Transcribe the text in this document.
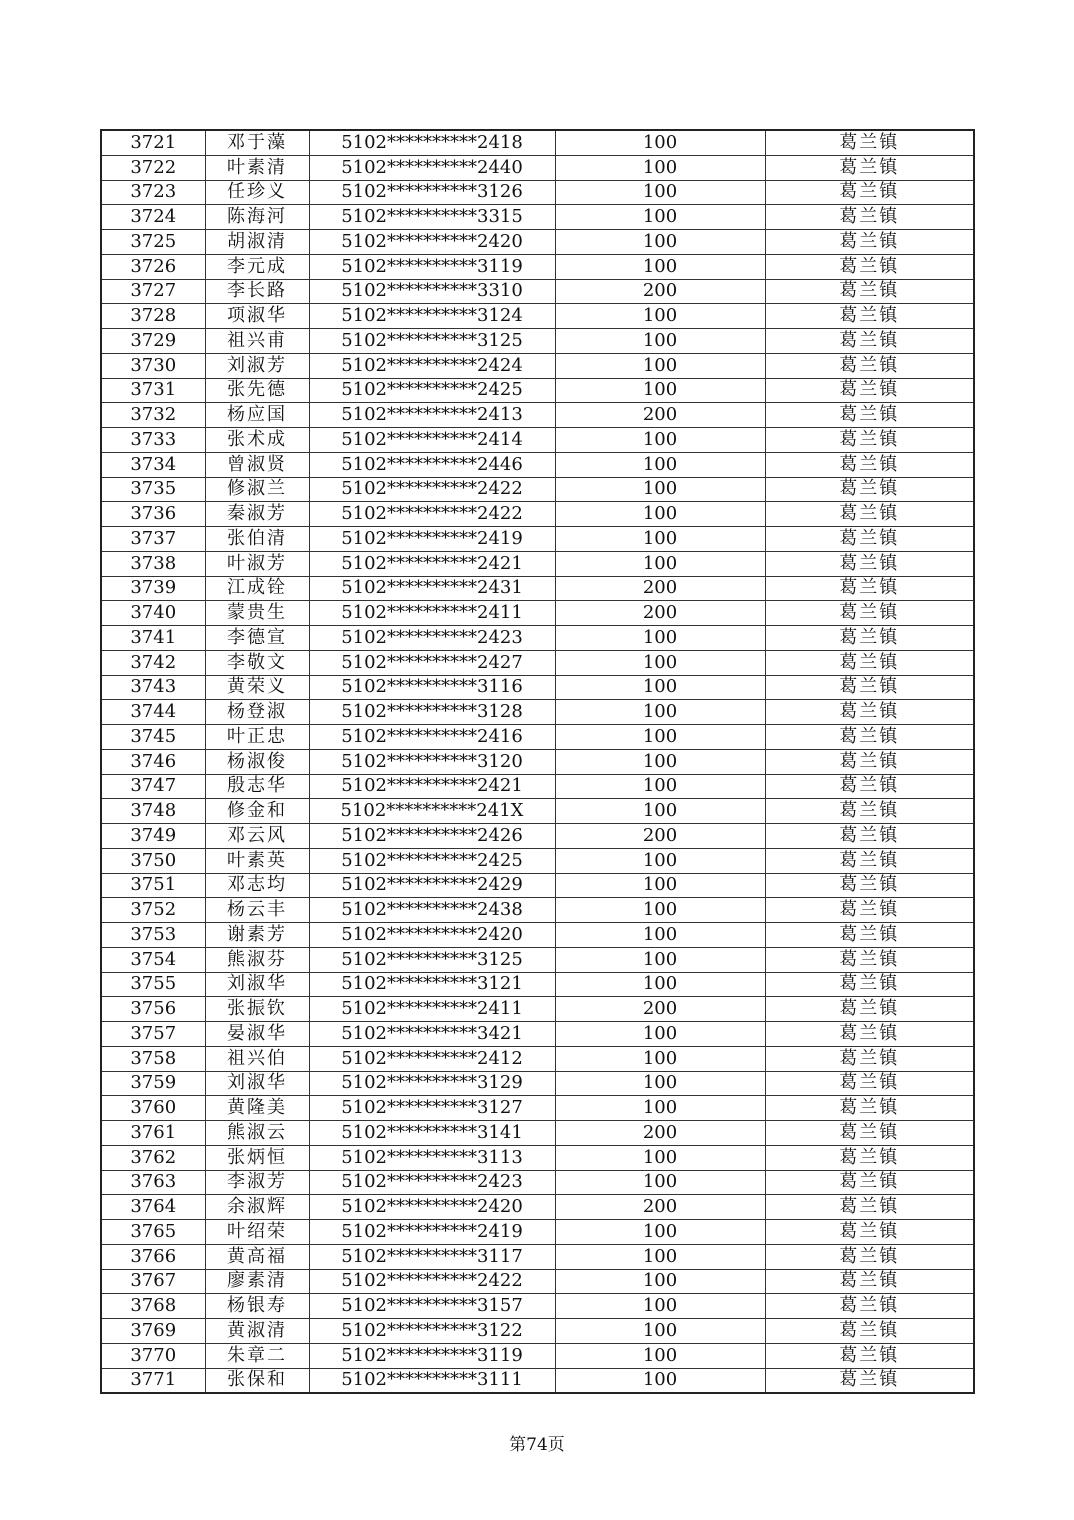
3721	邓于藻	5102**********2418	100	葛兰镇
3722	叶素清	5102**********2440	100	葛兰镇
3723	任珍义	5102**********3126	100	葛兰镇
3724	陈海河	5102**********3315	100	葛兰镇
3725	胡淑清	5102**********2420	100	葛兰镇
3726	李元成	5102**********3119	100	葛兰镇
3727	李长路	5102**********3310	200	葛兰镇
3728	项淑华	5102**********3124	100	葛兰镇
3729	祖兴甫	5102**********3125	100	葛兰镇
3730	刘淑芳	5102**********2424	100	葛兰镇
3731	张先德	5102**********2425	100	葛兰镇
3732	杨应国	5102**********2413	200	葛兰镇
3733	张术成	5102**********2414	100	葛兰镇
3734	曾淑贤	5102**********2446	100	葛兰镇
3735	修淑兰	5102**********2422	100	葛兰镇
3736	秦淑芳	5102**********2422	100	葛兰镇
3737	张伯清	5102**********2419	100	葛兰镇
3738	叶淑芳	5102**********2421	100	葛兰镇
3739	江成铨	5102**********2431	200	葛兰镇
3740	蒙贵生	5102**********2411	200	葛兰镇
3741	李德宣	5102**********2423	100	葛兰镇
3742	李敬文	5102**********2427	100	葛兰镇
3743	黄荣义	5102**********3116	100	葛兰镇
3744	杨登淑	5102**********3128	100	葛兰镇
3745	叶正忠	5102**********2416	100	葛兰镇
3746	杨淑俊	5102**********3120	100	葛兰镇
3747	殷志华	5102**********2421	100	葛兰镇
3748	修金和	5102**********241X	100	葛兰镇
3749	邓云风	5102**********2426	200	葛兰镇
3750	叶素英	5102**********2425	100	葛兰镇
3751	邓志均	5102**********2429	100	葛兰镇
3752	杨云丰	5102**********2438	100	葛兰镇
3753	谢素芳	5102**********2420	100	葛兰镇
3754	熊淑芬	5102**********3125	100	葛兰镇
3755	刘淑华	5102**********3121	100	葛兰镇
3756	张振钦	5102**********2411	200	葛兰镇
3757	晏淑华	5102**********3421	100	葛兰镇
3758	祖兴伯	5102**********2412	100	葛兰镇
3759	刘淑华	5102**********3129	100	葛兰镇
3760	黄隆美	5102**********3127	100	葛兰镇
3761	熊淑云	5102**********3141	200	葛兰镇
3762	张炳恒	5102**********3113	100	葛兰镇
3763	李淑芳	5102**********2423	100	葛兰镇
3764	余淑辉	5102**********2420	200	葛兰镇
3765	叶绍荣	5102**********2419	100	葛兰镇
3766	黄高福	5102**********3117	100	葛兰镇
3767	廖素清	5102**********2422	100	葛兰镇
3768	杨银寿	5102**********3157	100	葛兰镇
3769	黄淑清	5102**********3122	100	葛兰镇
3770	朱章二	5102**********3119	100	葛兰镇
3771	张保和	5102**********3111	100	葛兰镇
第74页
